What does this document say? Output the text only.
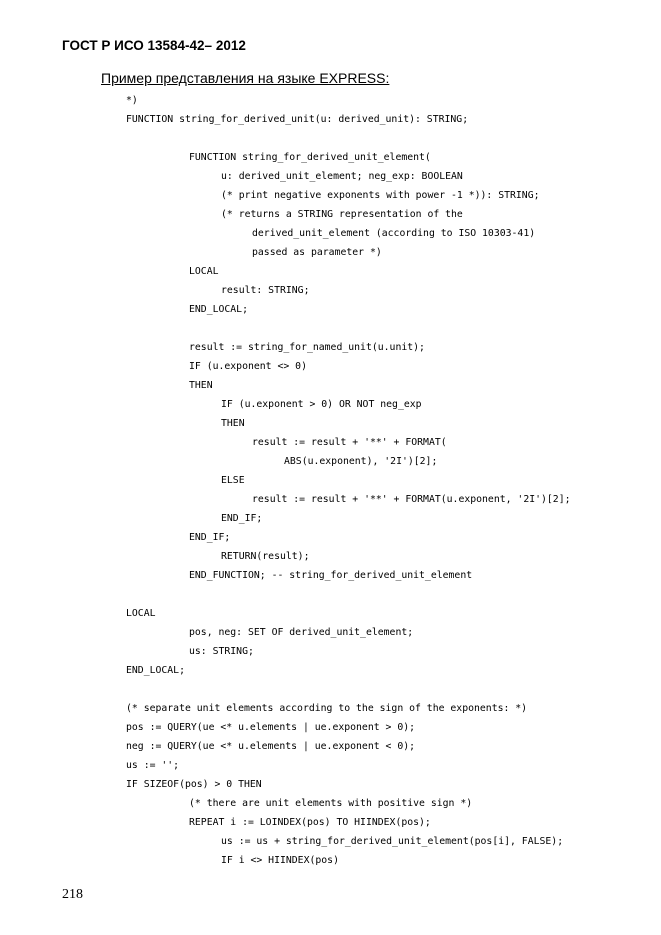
ГОСТ Р ИСО 13584-42– 2012
Пример представления на языке EXPRESS:
*)
FUNCTION string_for_derived_unit(u: derived_unit): STRING;
FUNCTION string_for_derived_unit_element(
u: derived_unit_element; neg_exp: BOOLEAN
(* print negative exponents with power -1 *)): STRING;
(* returns a STRING representation of the
derived_unit_element (according to ISO 10303-41)
passed as parameter *)
LOCAL
result: STRING;
END_LOCAL;
result := string_for_named_unit(u.unit);
IF (u.exponent <> 0)
THEN
IF (u.exponent > 0) OR NOT neg_exp
THEN
result := result + '**' + FORMAT(
ABS(u.exponent), '2I')[2];
ELSE
result := result + '**' + FORMAT(u.exponent, '2I')[2];
END_IF;
END_IF;
RETURN(result);
END_FUNCTION; -- string_for_derived_unit_element
LOCAL
pos, neg: SET OF derived_unit_element;
us: STRING;
END_LOCAL;
(* separate unit elements according to the sign of the exponents: *)
pos := QUERY(ue <* u.elements | ue.exponent > 0);
neg := QUERY(ue <* u.elements | ue.exponent < 0);
us := '';
IF SIZEOF(pos) > 0 THEN
(* there are unit elements with positive sign *)
REPEAT i := LOINDEX(pos) TO HIINDEX(pos);
us := us + string_for_derived_unit_element(pos[i], FALSE);
IF i <> HIINDEX(pos)
218
